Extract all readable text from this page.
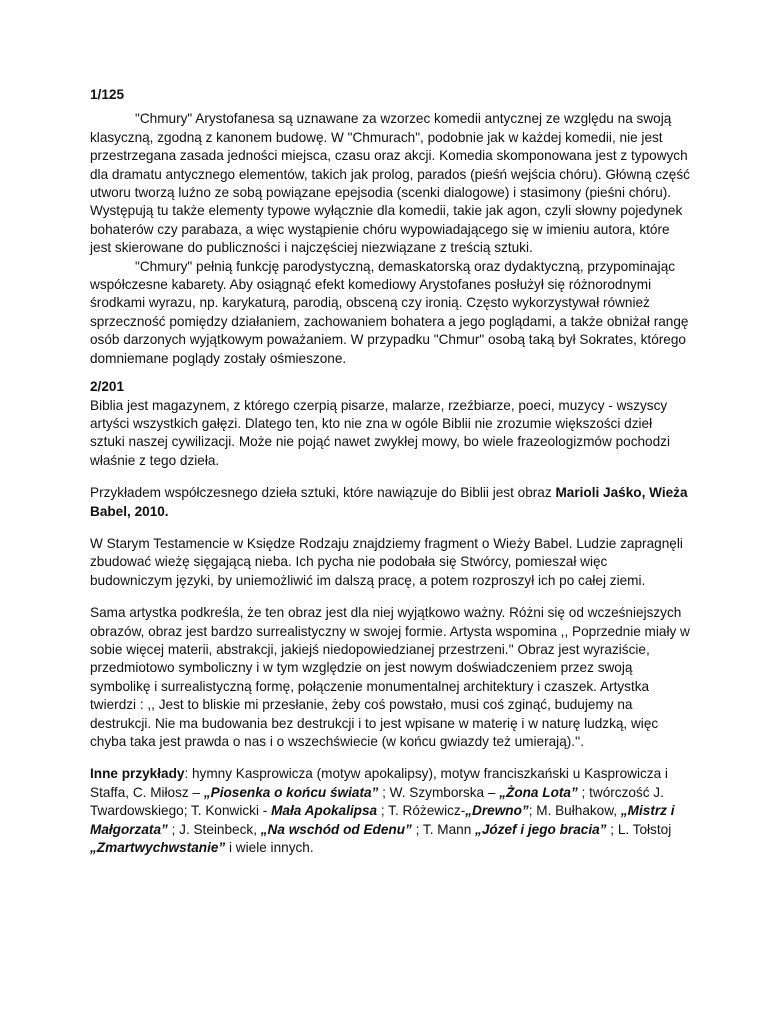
1/125

"Chmury" Arystofanesa są uznawane za wzorzec komedii antycznej ze względu na swoją klasyczną, zgodną z kanonem budowę. W "Chmurach", podobnie jak w każdej komedii, nie jest przestrzegana zasada jedności miejsca, czasu oraz akcji. Komedia skomponowana jest z typowych dla dramatu antycznego elementów, takich jak prolog, parados (pieśń wejścia chóru). Główną część utworu tworzą luźno ze sobą powiązane epejsodia (scenki dialogowe) i stasimony (pieśni chóru). Występują tu także elementy typowe wyłącznie dla komedii, takie jak agon, czyli słowny pojedynek bohaterów czy parabaza, a więc wystąpienie chóru wypowiadającego się w imieniu autora, które jest skierowane do publiczności i najczęściej niezwiązane z treścią sztuki.

"Chmury" pełnią funkcję parodystyczną, demaskatorską oraz dydaktyczną, przypominając współczesne kabarety. Aby osiągnąć efekt komediowy Arystofanes posłużył się różnorodnymi środkami wyrazu, np. karykaturą, parodią, obsceną czy ironią. Często wykorzystywał również sprzeczność pomiędzy działaniem, zachowaniem bohatera a jego poglądami, a także obniżał rangę osób darzonych wyjątkowym poważaniem. W przypadku "Chmur" osobą taką był Sokrates, którego domniemane poglądy zostały ośmieszone.

2/201

Biblia jest magazynem, z którego czerpią pisarze, malarze, rzeźbiarze, poeci, muzycy - wszyscy artyści wszystkich gałęzi. Dlatego ten, kto nie zna w ogóle Biblii nie zrozumie większości dzieł sztuki naszej cywilizacji. Może nie pojąć nawet zwykłej mowy, bo wiele frazeologizmów pochodzi właśnie z tego dzieła.

Przykładem współczesnego dzieła sztuki, które nawiązuje do Biblii jest obraz Marioli Jaśko, Wieża Babel, 2010.

W Starym Testamencie w Księdze Rodzaju znajdziemy fragment o Wieży Babel. Ludzie zapragnęli zbudować wieżę sięgającą nieba. Ich pycha nie podobała się Stwórcy, pomieszał więc budowniczym języki, by uniemożliwić im dalszą pracę, a potem rozproszył ich po całej ziemi.

Sama artystka podkreśla, że ten obraz jest dla niej wyjątkowo ważny. Różni się od wcześniejszych obrazów, obraz jest bardzo surrealistyczny w swojej formie. Artysta wspomina ,, Poprzednie miały w sobie więcej materii, abstrakcji, jakiejś niedopowiedzianej przestrzeni.'' Obraz jest wyraziście, przedmiotowo symboliczny i w tym względzie on jest nowym doświadczeniem przez swoją symbolikę i surrealistyczną formę, połączenie monumentalnej architektury i czaszek. Artystka twierdzi : ,, Jest to bliskie mi przesłanie, żeby coś powstało, musi coś zginąć, budujemy na destrukcji. Nie ma budowania bez destrukcji i to jest wpisane w materię i w naturę ludzką, więc chyba taka jest prawda o nas i o wszechświecie (w końcu gwiazdy też umierają).''.

Inne przykłady: hymny Kasprowicza (motyw apokalipsy), motyw franciszkański u Kasprowicza i Staffa, C. Miłosz – „Piosenka o końcu świata” ; W. Szymborska – „Żona Lota” ; twórczość J. Twardowskiego; T. Konwicki - Mała Apokalipsa ; T. Różewicz-„Drewno”; M. Bułhakow, „Mistrz i Małgorzata” ; J. Steinbeck, „Na wschód od Edenu” ; T. Mann „Józef i jego bracia” ; L. Tołstoj „Zmartwychwstanie” i wiele innych.
